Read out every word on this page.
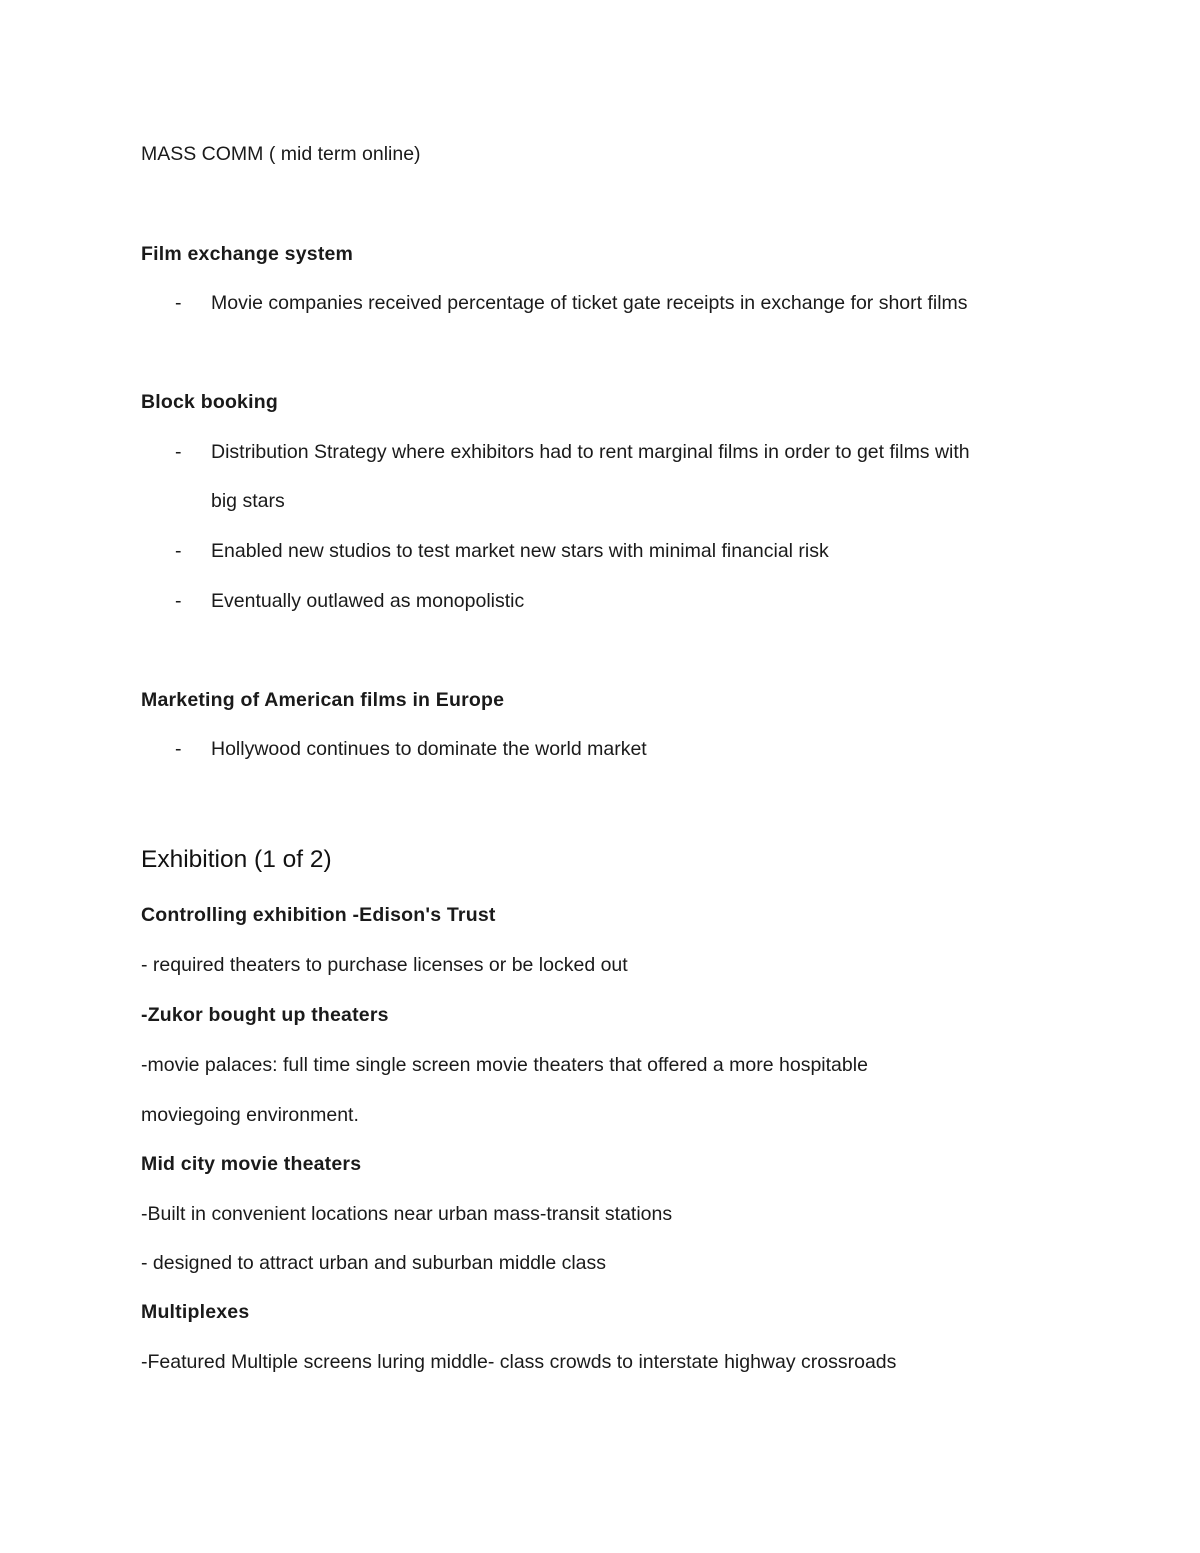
MASS COMM ( mid term online)
Film exchange system
- Movie companies received percentage of ticket gate receipts in exchange for short films
Block booking
- Distribution Strategy where exhibitors had to rent marginal films in order to get films with
big stars
- Enabled new studios to test market new stars with minimal financial risk
- Eventually outlawed as monopolistic
Marketing of American films in Europe
- Hollywood continues to dominate the world market
Exhibition (1 of 2)
Controlling exhibition -Edison's Trust
- required theaters to purchase licenses or be locked out
-Zukor bought up theaters
-movie palaces: full time single screen movie theaters that offered a more hospitable
moviegoing environment.
Mid city movie theaters
-Built in convenient locations near urban mass-transit stations
- designed to attract urban and suburban middle class
Multiplexes
-Featured Multiple screens luring middle- class crowds to interstate highway crossroads
